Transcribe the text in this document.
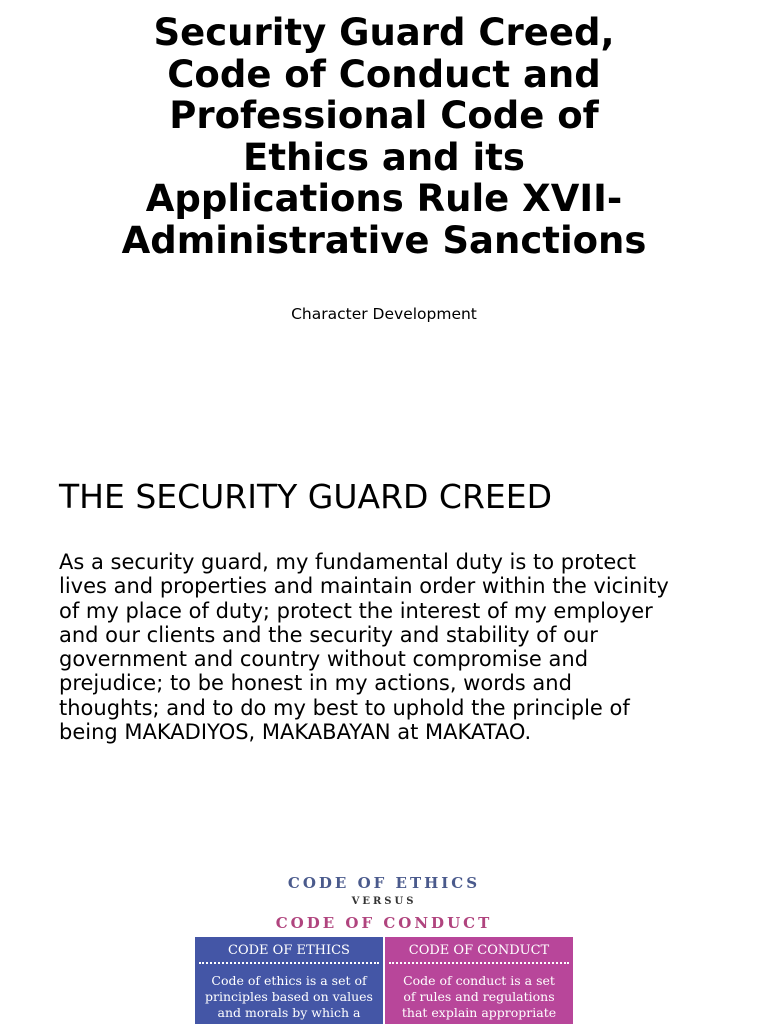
Security Guard Creed,
Code of Conduct and
Professional Code of
Ethics and its
Applications Rule XVII-
Administrative Sanctions

Character Development

THE SECURITY GUARD CREED
As a security guard, my fundamental duty is to protect
lives and properties and maintain order within the vicinity
of my place of duty; protect the interest of my employer
and our clients and the security and stability of our
government and country without compromise and
prejudice; to be honest in my actions, words and
thoughts; and to do my best to uphold the principle of
being MAKADIYOS, MAKABAYAN at MAKATAO.
CODE OF ETHICS
VERSUS
CODE OF CONDUCT
CODE OF ETHICS
Code of ethics is a set of
principles based on values
and morals by which a
CODE OF CONDUCT
Code of conduct is a set
of rules and regulations
that explain appropriate
